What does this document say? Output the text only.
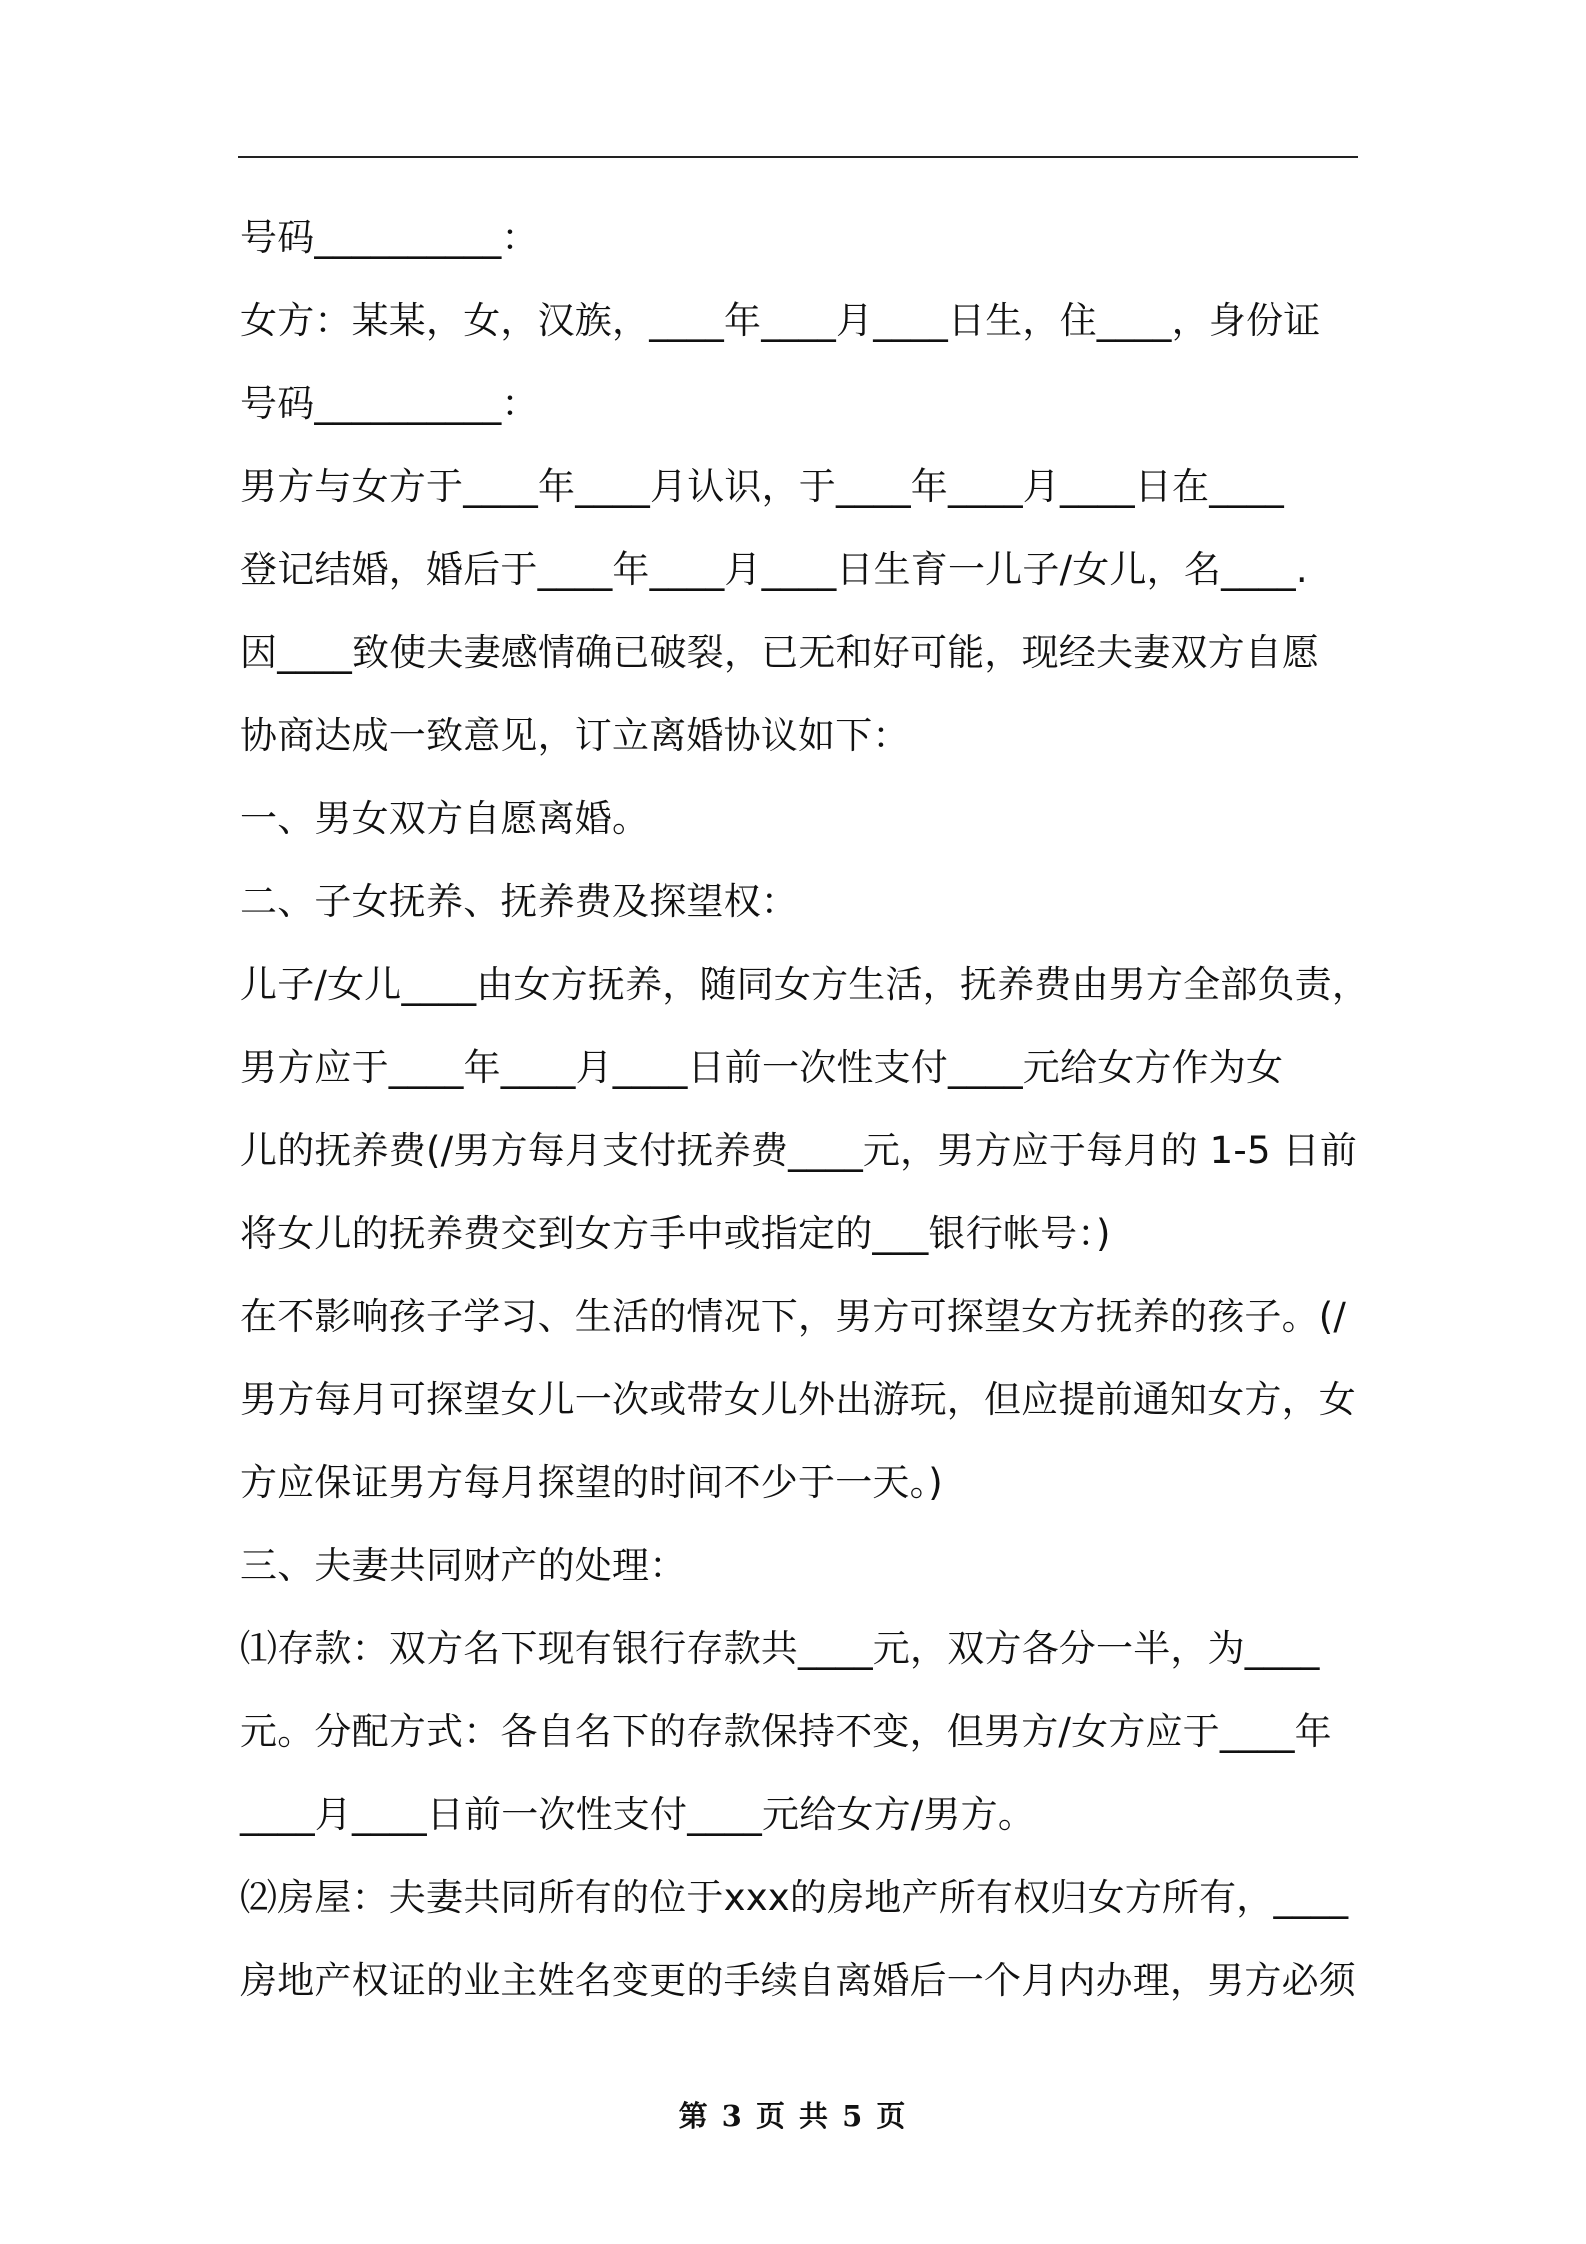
号码__________：
女方：某某，女，汉族，____年____月____日生，住____，身份证
号码__________：
男方与女方于____年____月认识，于____年____月____日在____
登记结婚，婚后于____年____月____日生育一儿子/女儿，名____.
因____致使夫妻感情确已破裂，已无和好可能，现经夫妻双方自愿
协商达成一致意见，订立离婚协议如下：
一、男女双方自愿离婚。
二、子女抚养、抚养费及探望权：
儿子/女儿____由女方抚养，随同女方生活，抚养费由男方全部负责，
男方应于____年____月____日前一次性支付____元给女方作为女
儿的抚养费(/男方每月支付抚养费____元，男方应于每月的 1-5 日前
将女儿的抚养费交到女方手中或指定的___银行帐号：)
在不影响孩子学习、生活的情况下，男方可探望女方抚养的孩子。(/
男方每月可探望女儿一次或带女儿外出游玩，但应提前通知女方，女
方应保证男方每月探望的时间不少于一天。)
三、夫妻共同财产的处理：
⑴存款：双方名下现有银行存款共____元，双方各分一半，为____
元。分配方式：各自名下的存款保持不变，但男方/女方应于____年
____月____日前一次性支付____元给女方/男方。
⑵房屋：夫妻共同所有的位于xxx的房地产所有权归女方所有，____
房地产权证的业主姓名变更的手续自离婚后一个月内办理，男方必须
第 3 页 共 5 页
